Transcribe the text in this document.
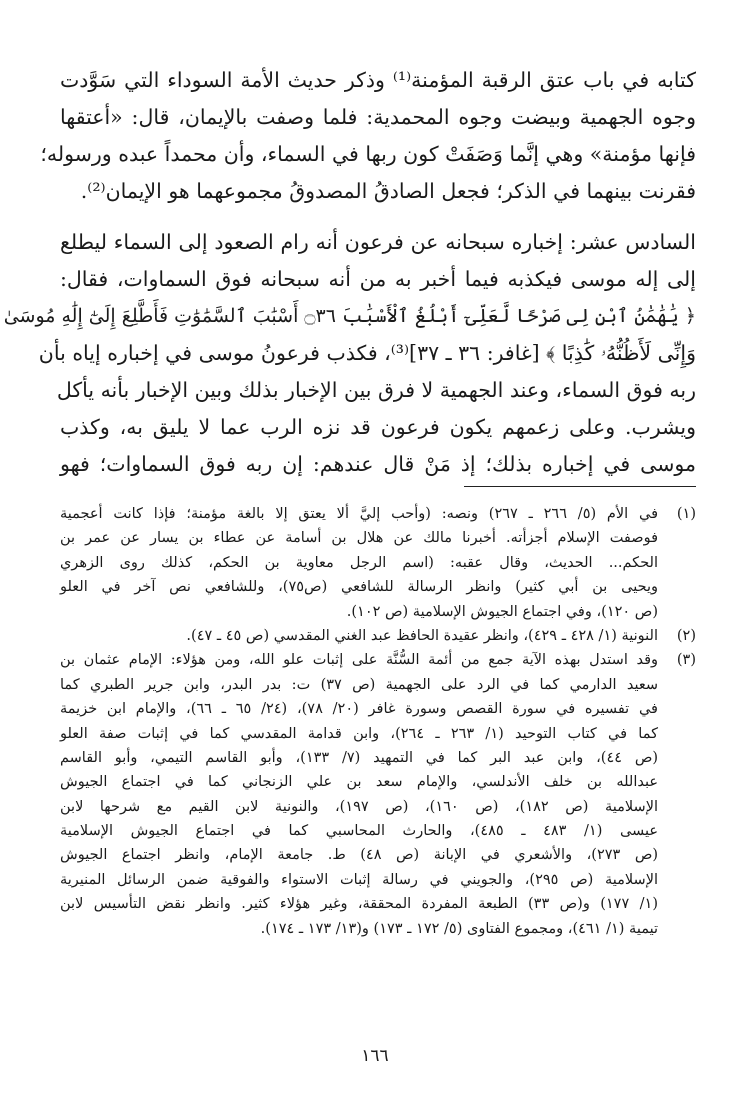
كتابه في باب عتق الرقبة المؤمنة⁽¹⁾ وذكر حديث الأمة السوداء التي سَوَّدت
وجوه الجهمية وبيضت وجوه المحمدية: فلما وصفت بالإيمان، قال: «أعتقها
فإنها مؤمنة» وهي إنَّما وَصَفَتْ كون ربها في السماء، وأن محمداً عبده ورسوله؛
فقرنت بينهما في الذكر؛ فجعل الصادقُ المصدوقُ مجموعهما هو الإيمان⁽²⁾.
السادس عشر: إخباره سبحانه عن فرعون أنه رام الصعود إلى السماء ليطلع
إلى إله موسى فيكذبه فيما أخبر به من أنه سبحانه فوق السماوات، فقال:
﴿ يَٰهَٰمَٰنُ ٱبْنِ لِى صَرْحًا لَّعَلِّىٓ أَبْلُغُ ٱلْأَسْبَٰبَ ۝٣٦ أَسْبَٰبَ ٱلسَّمَٰوَٰتِ فَأَطَّلِعَ إِلَىٰٓ إِلَٰهِ مُوسَىٰ
وَإِنِّى لَأَظُنُّهُۥ كَٰذِبًا ﴾ [غافر: ٣٦ ـ ٣٧]⁽³⁾، فكذب فرعونُ موسى في إخباره إياه بأن
ربه فوق السماء، وعند الجهمية لا فرق بين الإخبار بذلك وبين الإخبار بأنه يأكل
ويشرب. وعلى زعمهم يكون فرعون قد نزه الرب عما لا يليق به، وكذب
موسى في إخباره بذلك؛ إذ مَنْ قال عندهم: إن ربه فوق السماوات؛ فهو
(١)
في الأم (٥/ ٢٦٦ ـ ٢٦٧) ونصه: (وأحب إليَّ ألا يعتق إلا بالغة مؤمنة؛ فإذا كانت أعجمية
فوصفت الإسلام أجزأته. أخبرنا مالك عن هلال بن أسامة عن عطاء بن يسار عن عمر بن
الحكم... الحديث، وقال عقبه: (اسم الرجل معاوية بن الحكم، كذلك روى الزهري
ويحيى بن أبي كثير) وانظر الرسالة للشافعي (ص٧٥)، وللشافعي نص آخر في العلو
(ص ١٢٠)، وفي اجتماع الجيوش الإسلامية (ص ١٠٢).
(٢)
النونية (١/ ٤٢٨ ـ ٤٢٩)، وانظر عقيدة الحافظ عبد الغني المقدسي (ص ٤٥ ـ ٤٧).
(٣)
وقد استدل بهذه الآية جمع من أئمة السُّنَّة على إثبات علو الله، ومن هؤلاء: الإمام عثمان بن
سعيد الدارمي كما في الرد على الجهمية (ص ٣٧) ت: بدر البدر، وابن جرير الطبري كما
في تفسيره في سورة القصص وسورة غافر (٢٠/ ٧٨)، (٢٤/ ٦٥ ـ ٦٦)، والإمام ابن خزيمة
كما في كتاب التوحيد (١/ ٢٦٣ ـ ٢٦٤)، وابن قدامة المقدسي كما في إثبات صفة العلو
(ص ٤٤)، وابن عبد البر كما في التمهيد (٧/ ١٣٣)، وأبو القاسم التيمي، وأبو القاسم
عبدالله بن خلف الأندلسي، والإمام سعد بن علي الزنجاني كما في اجتماع الجيوش
الإسلامية (ص ١٨٢)، (ص ١٦٠)، (ص ١٩٧)، والنونية لابن القيم مع شرحها لابن
عيسى (١/ ٤٨٣ ـ ٤٨٥)، والحارث المحاسبي كما في اجتماع الجيوش الإسلامية
(ص ٢٧٣)، والأشعري في الإبانة (ص ٤٨) ط. جامعة الإمام، وانظر اجتماع الجيوش
الإسلامية (ص ٢٩٥)، والجويني في رسالة إثبات الاستواء والفوقية ضمن الرسائل المنيرية
(١/ ١٧٧) و(ص ٣٣) الطبعة المفردة المحققة، وغير هؤلاء كثير. وانظر نقض التأسيس لابن
تيمية (١/ ٤٦١)، ومجموع الفتاوى (٥/ ١٧٢ ـ ١٧٣) و(١٣/ ١٧٣ ـ ١٧٤).
١٦٦
